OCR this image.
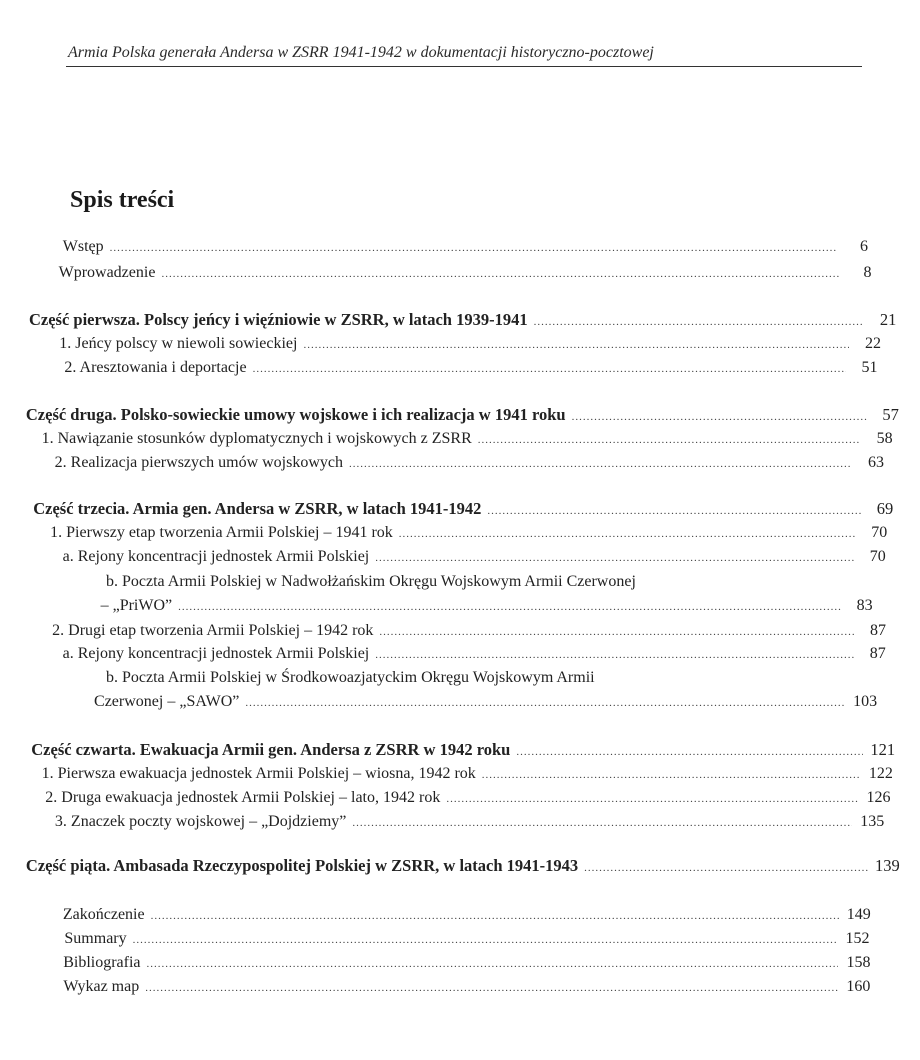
Armia Polska generała Andersa w ZSRR 1941-1942 w dokumentacji historyczno-pocztowej
Spis treści
Wstęp .....	6
Wprowadzenie .....	8
Część pierwsza. Polscy jeńcy i więźniowie w ZSRR, w latach 1939-1941 .....	21
1. Jeńcy polscy w niewoli sowieckiej .....	22
2. Aresztowania i deportacje .....	51
Część druga. Polsko-sowieckie umowy wojskowe i ich realizacja w 1941 roku .....	57
1. Nawiązanie stosunków dyplomatycznych i wojskowych z ZSRR .....	58
2. Realizacja pierwszych umów wojskowych .....	63
Część trzecia. Armia gen. Andersa w ZSRR, w latach 1941-1942 .....	69
1. Pierwszy etap tworzenia Armii Polskiej – 1941 rok .....	70
a. Rejony koncentracji jednostek Armii Polskiej .....	70
b. Poczta Armii Polskiej w Nadwołżańskim Okręgu Wojskowym Armii Czerwonej
– „PriWO” .....	83
2. Drugi etap tworzenia Armii Polskiej – 1942 rok .....	87
a. Rejony koncentracji jednostek Armii Polskiej .....	87
b. Poczta Armii Polskiej w Środkowoazjatyckim Okręgu Wojskowym Armii
Czerwonej – „SAWO” .....	103
Część czwarta. Ewakuacja Armii gen. Andersa z ZSRR w 1942 roku .....	121
1. Pierwsza ewakuacja jednostek Armii Polskiej – wiosna, 1942 rok .....	122
2. Druga ewakuacja jednostek Armii Polskiej – lato, 1942 rok .....	126
3. Znaczek poczty wojskowej – „Dojdziemy” .....	135
Część piąta. Ambasada Rzeczypospolitej Polskiej w ZSRR, w latach 1941-1943 .....	139
Zakończenie .....	149
Summary .....	152
Bibliografia .....	158
Wykaz map .....	160
